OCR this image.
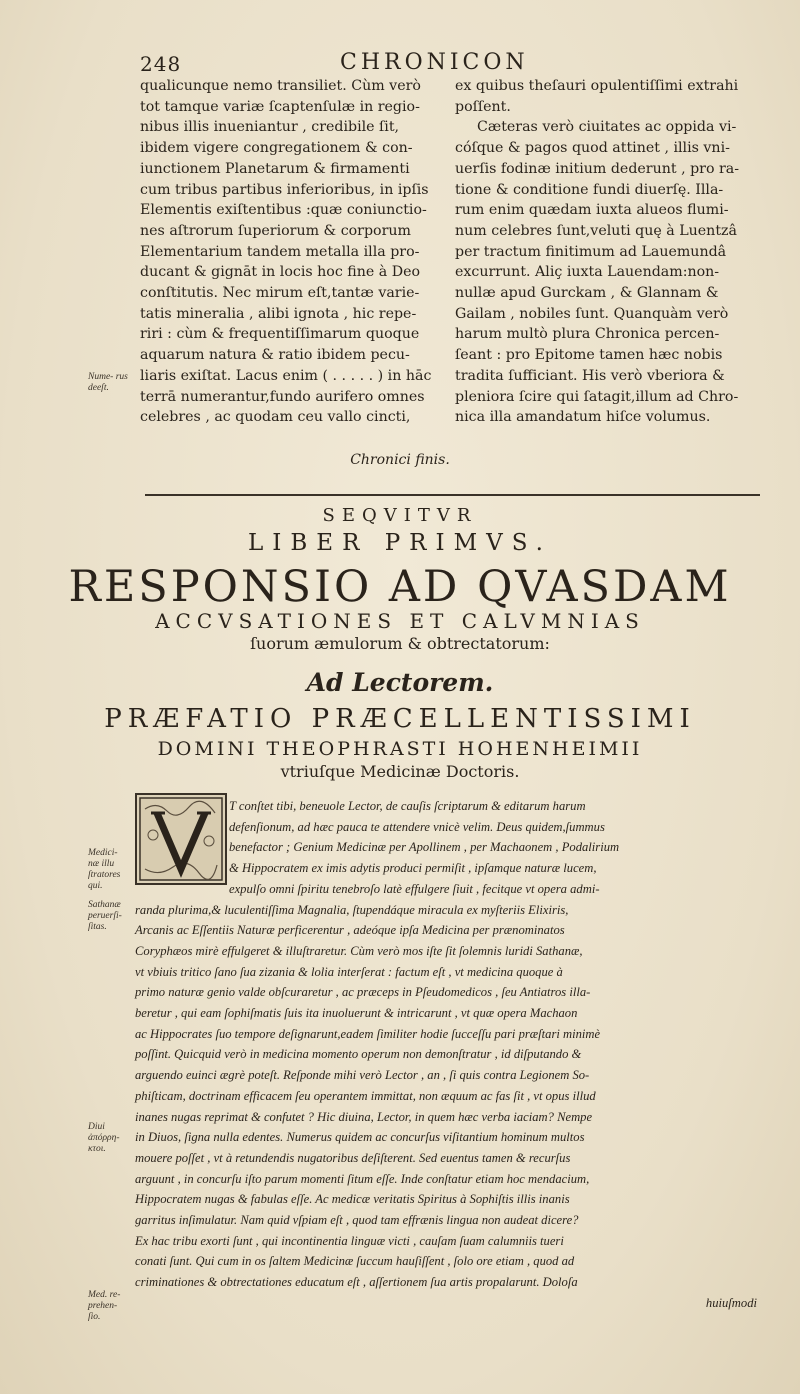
248	CHRONICON
qualicunque nemo transiliet. Cùm verò
tot tamque variæ ſcaptenſulæ in regio-
nibus illis inueniantur , credibile ſit,
ibidem vigere congregationem & con-
iunctionem Planetarum & firmamenti
cum tribus partibus inferioribus, in ipſis
Elementis exiſtentibus :quæ coniunctio-
nes aſtrorum ſuperiorum & corporum
Elementarium tandem metalla illa pro-
ducant & gignāt in locis hoc fine à Deo
conſtitutis. Nec mirum eſt,tantæ varie-
tatis mineralia , alibi ignota , hic repe-
riri : cùm & frequentiſſimarum quoque
aquarum natura & ratio ibidem pecu-
liaris exiſtat. Lacus enim ( . . . . . ) in hāc
terrā numerantur,fundo aurifero omnes
celebres , ac quodam ceu vallo cincti,
ex quibus theſauri opulentiſſimi extrahi
poſſent.
Cæteras verò ciuitates ac oppida vi-
cóſque & pagos quod attinet , illis vni-
uerſis fodinæ initium dederunt , pro ra-
tione & conditione fundi diuerſę. Illa-
rum enim quædam iuxta alueos flumi-
num celebres ſunt,veluti quę à Luentzâ
per tractum finitimum ad Lauemundâ
excurrunt. Aliç iuxta Lauendam:non-
nullæ apud Gurckam , & Glannam &
Gailam , nobiles ſunt. Quanquàm verò
harum multò plura Chronica percen-
ſeant : pro Epitome tamen hæc nobis
tradita ſufficiant. His verò vberiora &
pleniora ſcire qui ſatagit,illum ad Chro-
nica illa amandatum hiſce volumus.
Nume- rus deeſt.
Chronici finis.
SEQVITVR
LIBER PRIMVS.
RESPONSIO AD QVASDAM
ACCVSATIONES ET CALVMNIAS
ſuorum æmulorum & obtrectatorum:
Ad Lectorem.
PRÆFATIO PRÆCELLENTISSIMI
DOMINI THEOPHRASTI HOHENHEIMII
vtriuſque Medicinæ Doctoris.
T conſtet tibi, beneuole Lector, de cauſis ſcriptarum & editarum harum
defenſionum, ad hæc pauca te attendere vnicè velim. Deus quidem,ſummus
benefactor ; Genium Medicinæ per Apollinem , per Machaonem , Podalirium
& Hippocratem ex imis adytis produci permiſit , ipſamque naturæ lucem,
expulſo omni ſpiritu tenebroſo latè effulgere ſiuit , fecitque vt opera admi-
randa plurima,& luculentiſſima Magnalia, ſtupendáque miracula ex myſteriis Elixiris,
Arcanis ac Eſſentiis Naturæ perficerentur , adeóque ipſa Medicina per prænominatos
Coryphæos mirè effulgeret & illuſtraretur. Cùm verò mos iſte ſit ſolemnis luridi Sathanæ,
vt vbiuis tritico ſano ſua zizania & lolia interſerat : factum eſt , vt medicina quoque à
primo naturæ genio valde obſcuraretur , ac præceps in Pſeudomedicos , ſeu Antiatros illa-
beretur , qui eam ſophiſmatis ſuis ita inuoluerunt & intricarunt , vt quæ opera Machaon
ac Hippocrates ſuo tempore deſignarunt,eadem ſimiliter hodie ſucceſſu pari præſtari minimè
poſſint. Quicquid verò in medicina momento operum non demonſtratur , id diſputando &
arguendo euinci ægrè poteſt. Reſponde mihi verò Lector , an , ſi quis contra Legionem So-
phiſticam, doctrinam efficacem ſeu operantem immittat, non æquum ac fas ſit , vt opus illud
inanes nugas reprimat & confutet ? Hic diuina, Lector, in quem hæc verba iaciam? Nempe
in Diuos, ſigna nulla edentes. Numerus quidem ac concurſus viſitantium hominum multos
mouere poſſet , vt à retundendis nugatoribus deſiſterent. Sed euentus tamen & recurſus
arguunt , in concurſu iſto parum momenti ſitum eſſe. Inde conſtatur etiam hoc mendacium,
Hippocratem nugas & fabulas eſſe. Ac medicæ veritatis Spiritus à Sophiſtis illis inanis
garritus inſimulatur. Nam quid vſpiam eſt , quod tam effrænis lingua non audeat dicere?
Ex hac tribu exorti ſunt , qui incontinentia linguæ victi , cauſam ſuam calumniis tueri
conati ſunt. Qui cum in os ſaltem Medicinæ ſuccum hauſiſſent , ſolo ore etiam , quod ad
criminationes & obtrectationes educatum eſt , aſſertionem ſua artis propalarunt. Doloſa
huiuſmodi
Medici- næ illu ſtratores qui.
Sathanæ peruerſi- ſitas.
Diui ἀπόρρη- κτοι.
Med. re- prehen- ſio.
